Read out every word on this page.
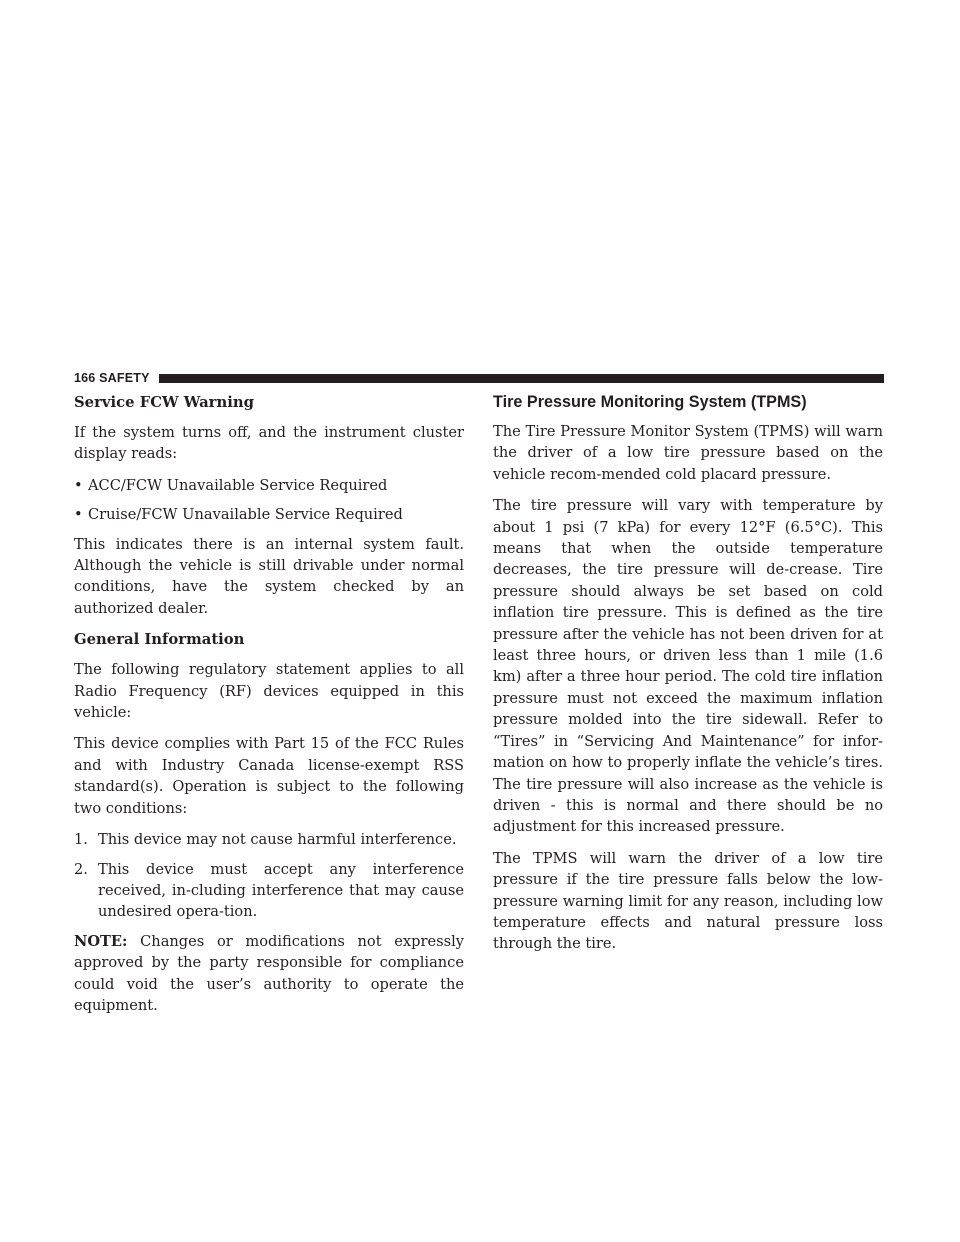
166 SAFETY
Service FCW Warning

If the system turns off, and the instrument cluster display reads:

• ACC/FCW Unavailable Service Required
• Cruise/FCW Unavailable Service Required

This indicates there is an internal system fault. Although the vehicle is still drivable under normal conditions, have the system checked by an authorized dealer.

General Information

The following regulatory statement applies to all Radio Frequency (RF) devices equipped in this vehicle:

This device complies with Part 15 of the FCC Rules and with Industry Canada license-exempt RSS standard(s). Operation is subject to the following two conditions:

1. This device may not cause harmful interference.
2. This device must accept any interference received, in-cluding interference that may cause undesired opera-tion.

NOTE: Changes or modifications not expressly approved by the party responsible for compliance could void the user’s authority to operate the equipment.

Tire Pressure Monitoring System (TPMS)

The Tire Pressure Monitor System (TPMS) will warn the driver of a low tire pressure based on the vehicle recom-mended cold placard pressure.

The tire pressure will vary with temperature by about 1 psi (7 kPa) for every 12°F (6.5°C). This means that when the outside temperature decreases, the tire pressure will de-crease. Tire pressure should always be set based on cold inflation tire pressure. This is defined as the tire pressure after the vehicle has not been driven for at least three hours, or driven less than 1 mile (1.6 km) after a three hour period. The cold tire inflation pressure must not exceed the maximum inflation pressure molded into the tire sidewall. Refer to “Tires” in “Servicing And Maintenance” for infor-mation on how to properly inflate the vehicle’s tires. The tire pressure will also increase as the vehicle is driven - this is normal and there should be no adjustment for this increased pressure.

The TPMS will warn the driver of a low tire pressure if the tire pressure falls below the low-pressure warning limit for any reason, including low temperature effects and natural pressure loss through the tire.
